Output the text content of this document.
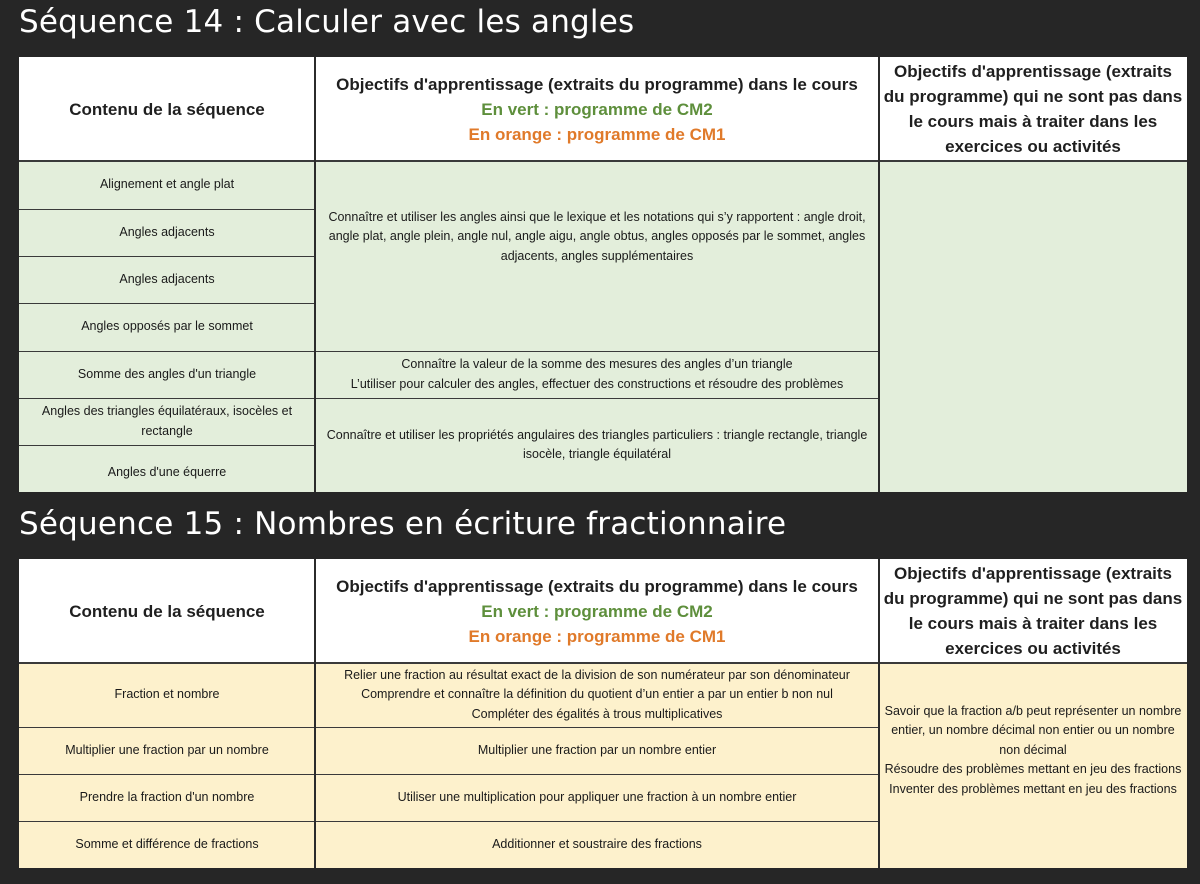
Séquence 14 : Calculer avec les angles
Contenu de la séquence
Objectifs d'apprentissage (extraits du programme) dans le cours
En vert : programme de CM2
En orange : programme de CM1
Objectifs d'apprentissage (extraits du programme) qui ne sont pas dans le cours mais à traiter dans les exercices ou activités
Alignement et angle plat
Angles adjacents
Angles adjacents
Angles opposés par le sommet
Somme des angles d'un triangle
Angles des triangles équilatéraux, isocèles et rectangle
Angles d'une équerre
Connaître et utiliser les angles ainsi que le lexique et les notations qui s’y rapportent : angle droit, angle plat, angle plein, angle nul, angle aigu, angle obtus, angles opposés par le sommet, angles adjacents, angles supplémentaires
Connaître la valeur de la somme des mesures des angles d’un triangle
L’utiliser pour calculer des angles, effectuer des constructions et résoudre des problèmes
Connaître et utiliser les propriétés angulaires des triangles particuliers : triangle rectangle, triangle isocèle, triangle équilatéral
Séquence 15 : Nombres en écriture fractionnaire
Contenu de la séquence
Objectifs d'apprentissage (extraits du programme) dans le cours
En vert : programme de CM2
En orange : programme de CM1
Objectifs d'apprentissage (extraits du programme) qui ne sont pas dans le cours mais à traiter dans les exercices ou activités
Fraction et nombre
Multiplier une fraction par un nombre
Prendre la fraction d'un nombre
Somme et différence de fractions
Relier une fraction au résultat exact de la division de son numérateur par son dénominateur
Comprendre et connaître la définition du quotient d’un entier a par un entier b non nul
Compléter des égalités à trous multiplicatives
Multiplier une fraction par un nombre entier
Utiliser une multiplication pour appliquer une fraction à un nombre entier
Additionner et soustraire des fractions
Savoir que la fraction a/b peut représenter un nombre entier, un nombre décimal non entier ou un nombre non décimal
Résoudre des problèmes mettant en jeu des fractions
Inventer des problèmes mettant en jeu des fractions
